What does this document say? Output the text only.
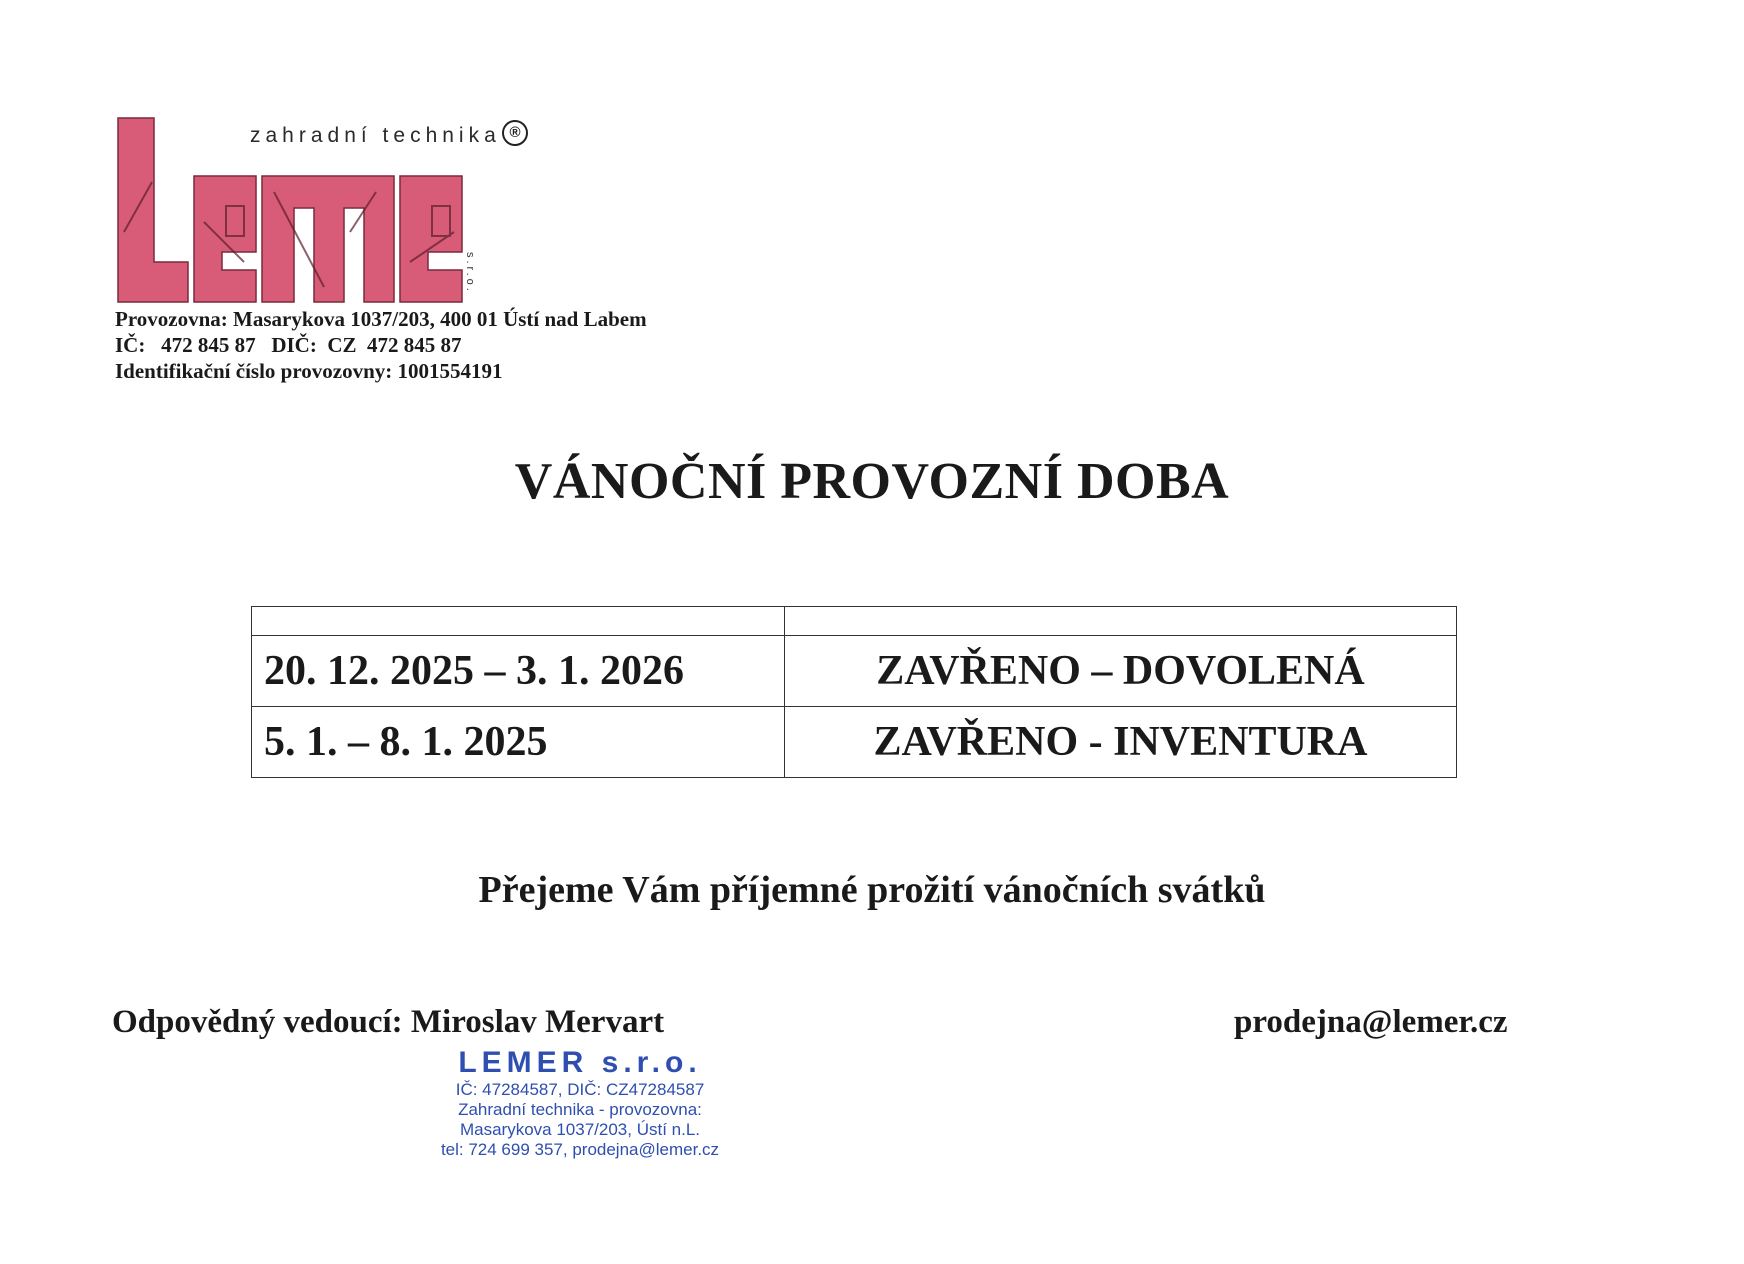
zahradní technika ®
s.r.o.
Provozovna: Masarykova 1037/203, 400 01 Ústí nad Labem
IČ:   472 845 87   DIČ:  CZ  472 845 87
Identifikační číslo provozovny: 1001554191
VÁNOČNÍ PROVOZNÍ DOBA

20. 12. 2025 – 3. 1. 2026	ZAVŘENO – DOVOLENÁ
5. 1. – 8. 1. 2025	ZAVŘENO - INVENTURA
Přejeme Vám příjemné prožití vánočních svátků
Odpovědný vedoucí: Miroslav Mervart	prodejna@lemer.cz
LEMER s.r.o.
IČ: 47284587, DIČ: CZ47284587
Zahradní technika - provozovna:
Masarykova 1037/203, Ústí n.L.
tel: 724 699 357, prodejna@lemer.cz
